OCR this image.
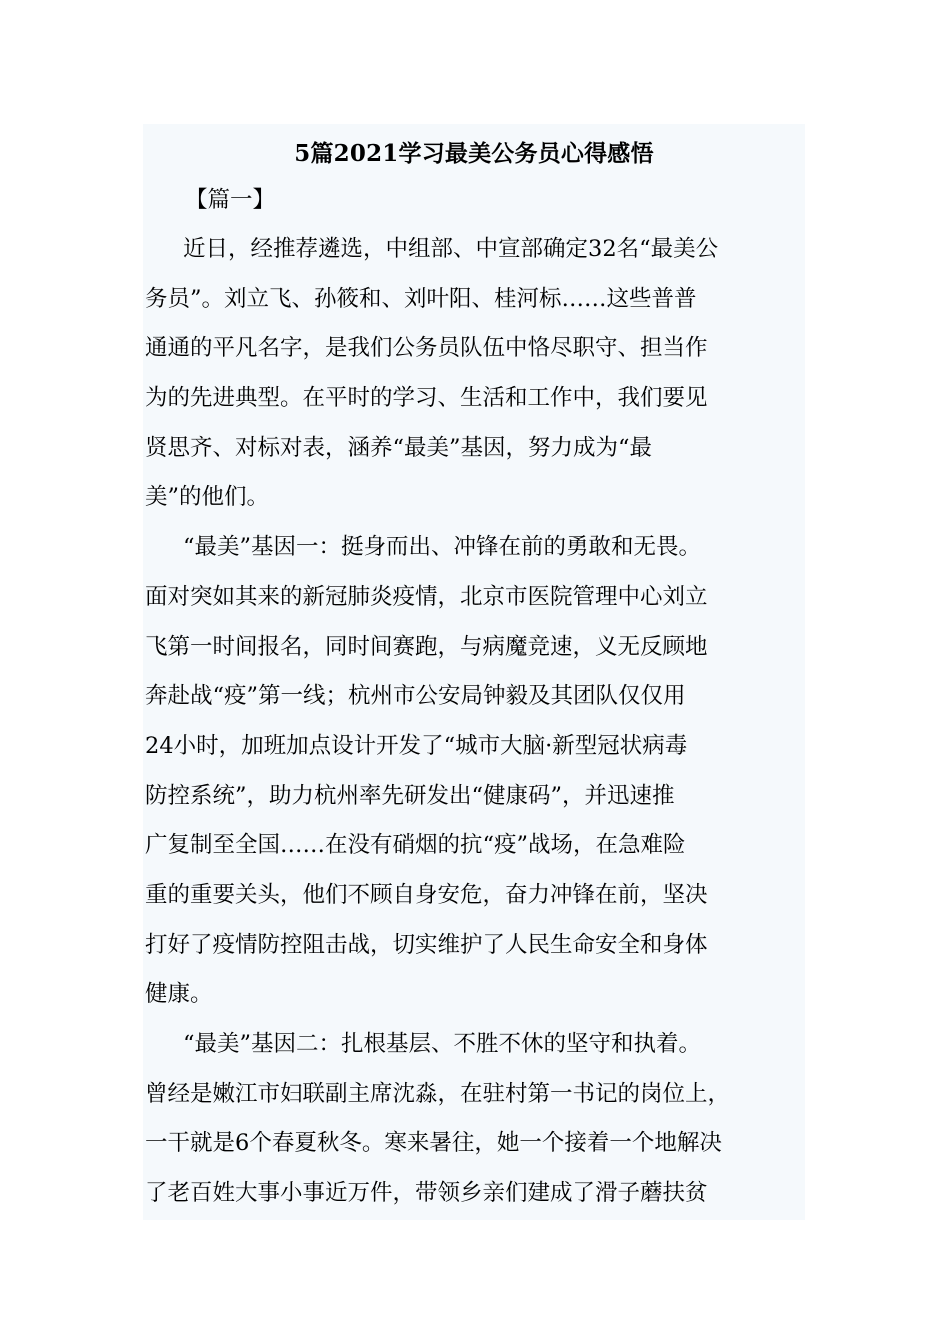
5篇2021学习最美公务员心得感悟
【篇一】
近日，经推荐遴选，中组部、中宣部确定32名“最美公
务员”。刘立飞、孙筱和、刘叶阳、桂河标……这些普普
通通的平凡名字，是我们公务员队伍中恪尽职守、担当作
为的先进典型。在平时的学习、生活和工作中，我们要见
贤思齐、对标对表，涵养“最美”基因，努力成为“最
美”的他们。
“最美”基因一：挺身而出、冲锋在前的勇敢和无畏。
面对突如其来的新冠肺炎疫情，北京市医院管理中心刘立
飞第一时间报名，同时间赛跑，与病魔竞速，义无反顾地
奔赴战“疫”第一线；杭州市公安局钟毅及其团队仅仅用
24小时，加班加点设计开发了“城市大脑·新型冠状病毒
防控系统”，助力杭州率先研发出“健康码”，并迅速推
广复制至全国……在没有硝烟的抗“疫”战场，在急难险
重的重要关头，他们不顾自身安危，奋力冲锋在前，坚决
打好了疫情防控阻击战，切实维护了人民生命安全和身体
健康。
“最美”基因二：扎根基层、不胜不休的坚守和执着。
曾经是嫩江市妇联副主席沈淼，在驻村第一书记的岗位上，
一干就是6个春夏秋冬。寒来暑往，她一个接着一个地解决
了老百姓大事小事近万件，带领乡亲们建成了滑子蘑扶贫
